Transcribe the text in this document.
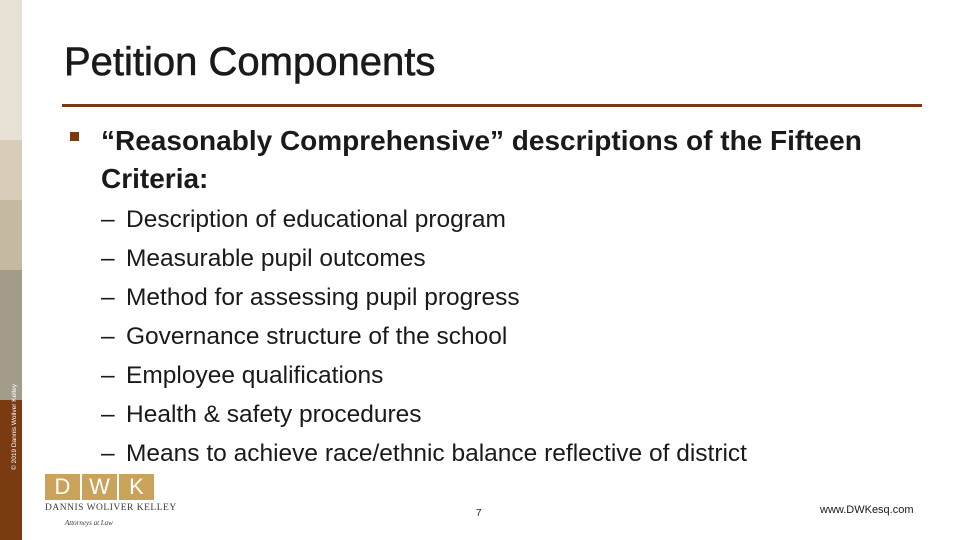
© 2019 Dannis Woliver Kelley
Petition Components
“Reasonably Comprehensive” descriptions of the Fifteen Criteria:
– Description of educational program
– Measurable pupil outcomes
– Method for assessing pupil progress
– Governance structure of the school
– Employee qualifications
– Health & safety procedures
– Means to achieve race/ethnic balance reflective of district
D W K
DANNIS WOLIVER KELLEY
Attorneys at Law
7	www.DWKesq.com
